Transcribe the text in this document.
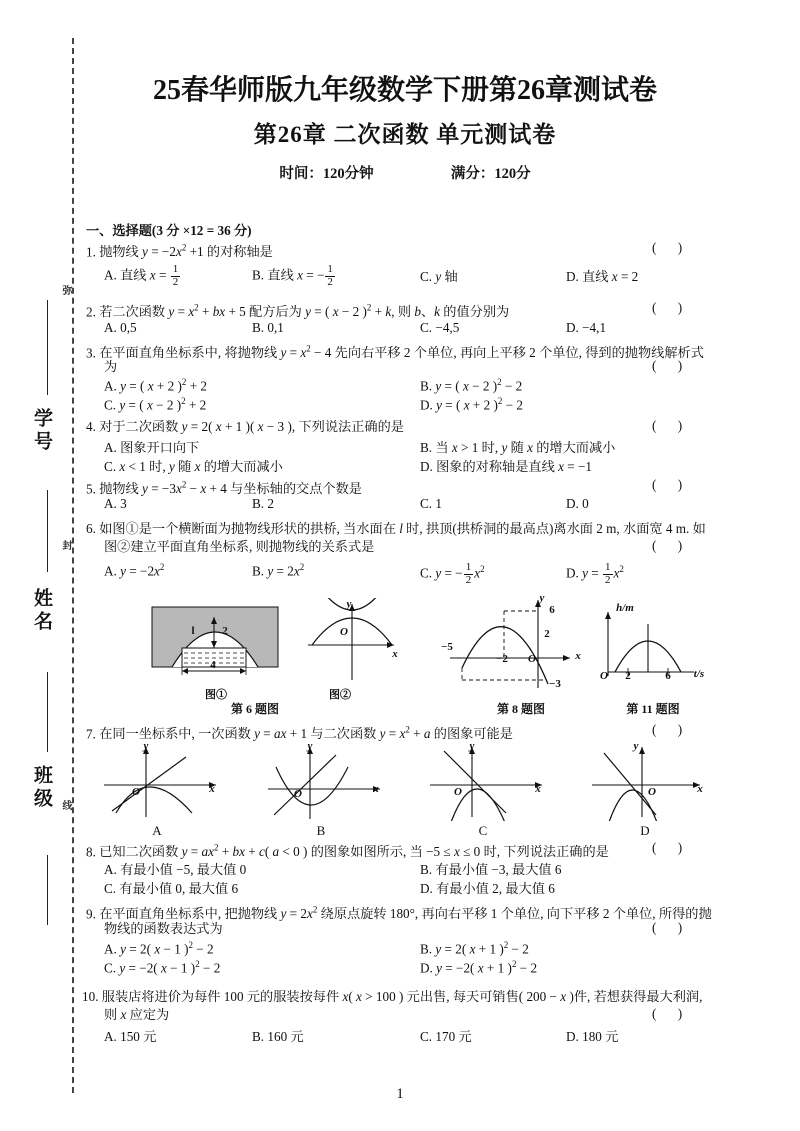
弥
封
线
学号
姓名
班级
25春华师版九年级数学下册第26章测试卷
第26章 二次函数 单元测试卷
时间：120分钟	满分：120分
一、选择题(3 分 ×12 = 36 分)
1. 抛物线 $y = -2x^2 +1$ 的对称轴是	( )
A. 直线 $x = \frac{1}{2}$	B. 直线 x = − $\frac{1}{2}$	C. y 轴	D. 直线 x = 2
2. 若二次函数 $y = x^2$ + bx + 5 配方后为 y = ( x − 2 )$^2$ + k, 则 b、k 的值分别为	( )
A. 0,5	B. 0,1	C. −4,5	D. −4,1
3. 在平面直角坐标系中, 将抛物线 $y = x^2 - 4$ 先向右平移 2 个单位, 再向上平移 2 个单位, 得到的抛物线解析式
为	( )
A. y = ( x + 2 )$^2$ + 2	B. y = ( x − 2 )$^2$ − 2
C. y = ( x − 2 )$^2$ + 2	D. y = ( x + 2 )$^2$ − 2
4. 对于二次函数 y = 2( x + 1 )( x − 3 ), 下列说法正确的是	( )
A. 图象开口向下	B. 当 x > 1 时, y 随 x 的增大而减小
C. x < 1 时, y 随 x 的增大而减小	D. 图象的对称轴是直线 x = −1
5. 抛物线 $y = -3x^2 - x + 4$ 与坐标轴的交点个数是	( )
A. 3	B. 2	C. 1	D. 0
6. 如图①是一个横断面为抛物线形状的拱桥, 当水面在 l 时, 拱顶(拱桥洞的最高点)离水面 2 m, 水面宽 4 m. 如
图②建立平面直角坐标系, 则抛物线的关系式是	( )
A. $y = -2x^2$	B. $y = 2x^2$	C. y = − $\frac{1}{2} x^2$	D. $y = \frac{1}{2} x^2$
l	2
4
图①
y
x
O
图②
第 6 题图
y
x
O
−5
−2
6
2
−3
第 8 题图
h/m
t/s
O 2	6
第 11 题图
7. 在同一坐标系中, 一次函数 y = ax + 1 与二次函数 $y = x^2 + a$ 的图象可能是	( )
y
x
O
A
y
x
O
B
y
x
O
C
y
x
O
D
8. 已知二次函数 $y = ax^2$ + bx + c( a < 0 ) 的图象如图所示, 当 −5 ≤ x ≤ 0 时, 下列说法正确的是	( )
A. 有最小值 −5, 最大值 0	B. 有最小值 −3, 最大值 6
C. 有最小值 0, 最大值 6	D. 有最小值 2, 最大值 6
9. 在平面直角坐标系中, 把抛物线 $y = 2x^2$ 绕原点旋转 180°, 再向右平移 1 个单位, 向下平移 2 个单位, 所得的抛
物线的函数表达式为	( )
A. y = 2( x − 1 )$^2$ − 2	B. y = 2( x + 1 )$^2$ − 2
C. y = −2( x − 1 )$^2$ − 2	D. y = −2( x + 1 )$^2$ − 2
10. 服装店将进价为每件 100 元的服装按每件 x( x > 100 ) 元出售, 每天可销售( 200 − x )件, 若想获得最大利润,
则 x 应定为	( )
A. 150 元	B. 160 元	C. 170 元	D. 180 元
1
